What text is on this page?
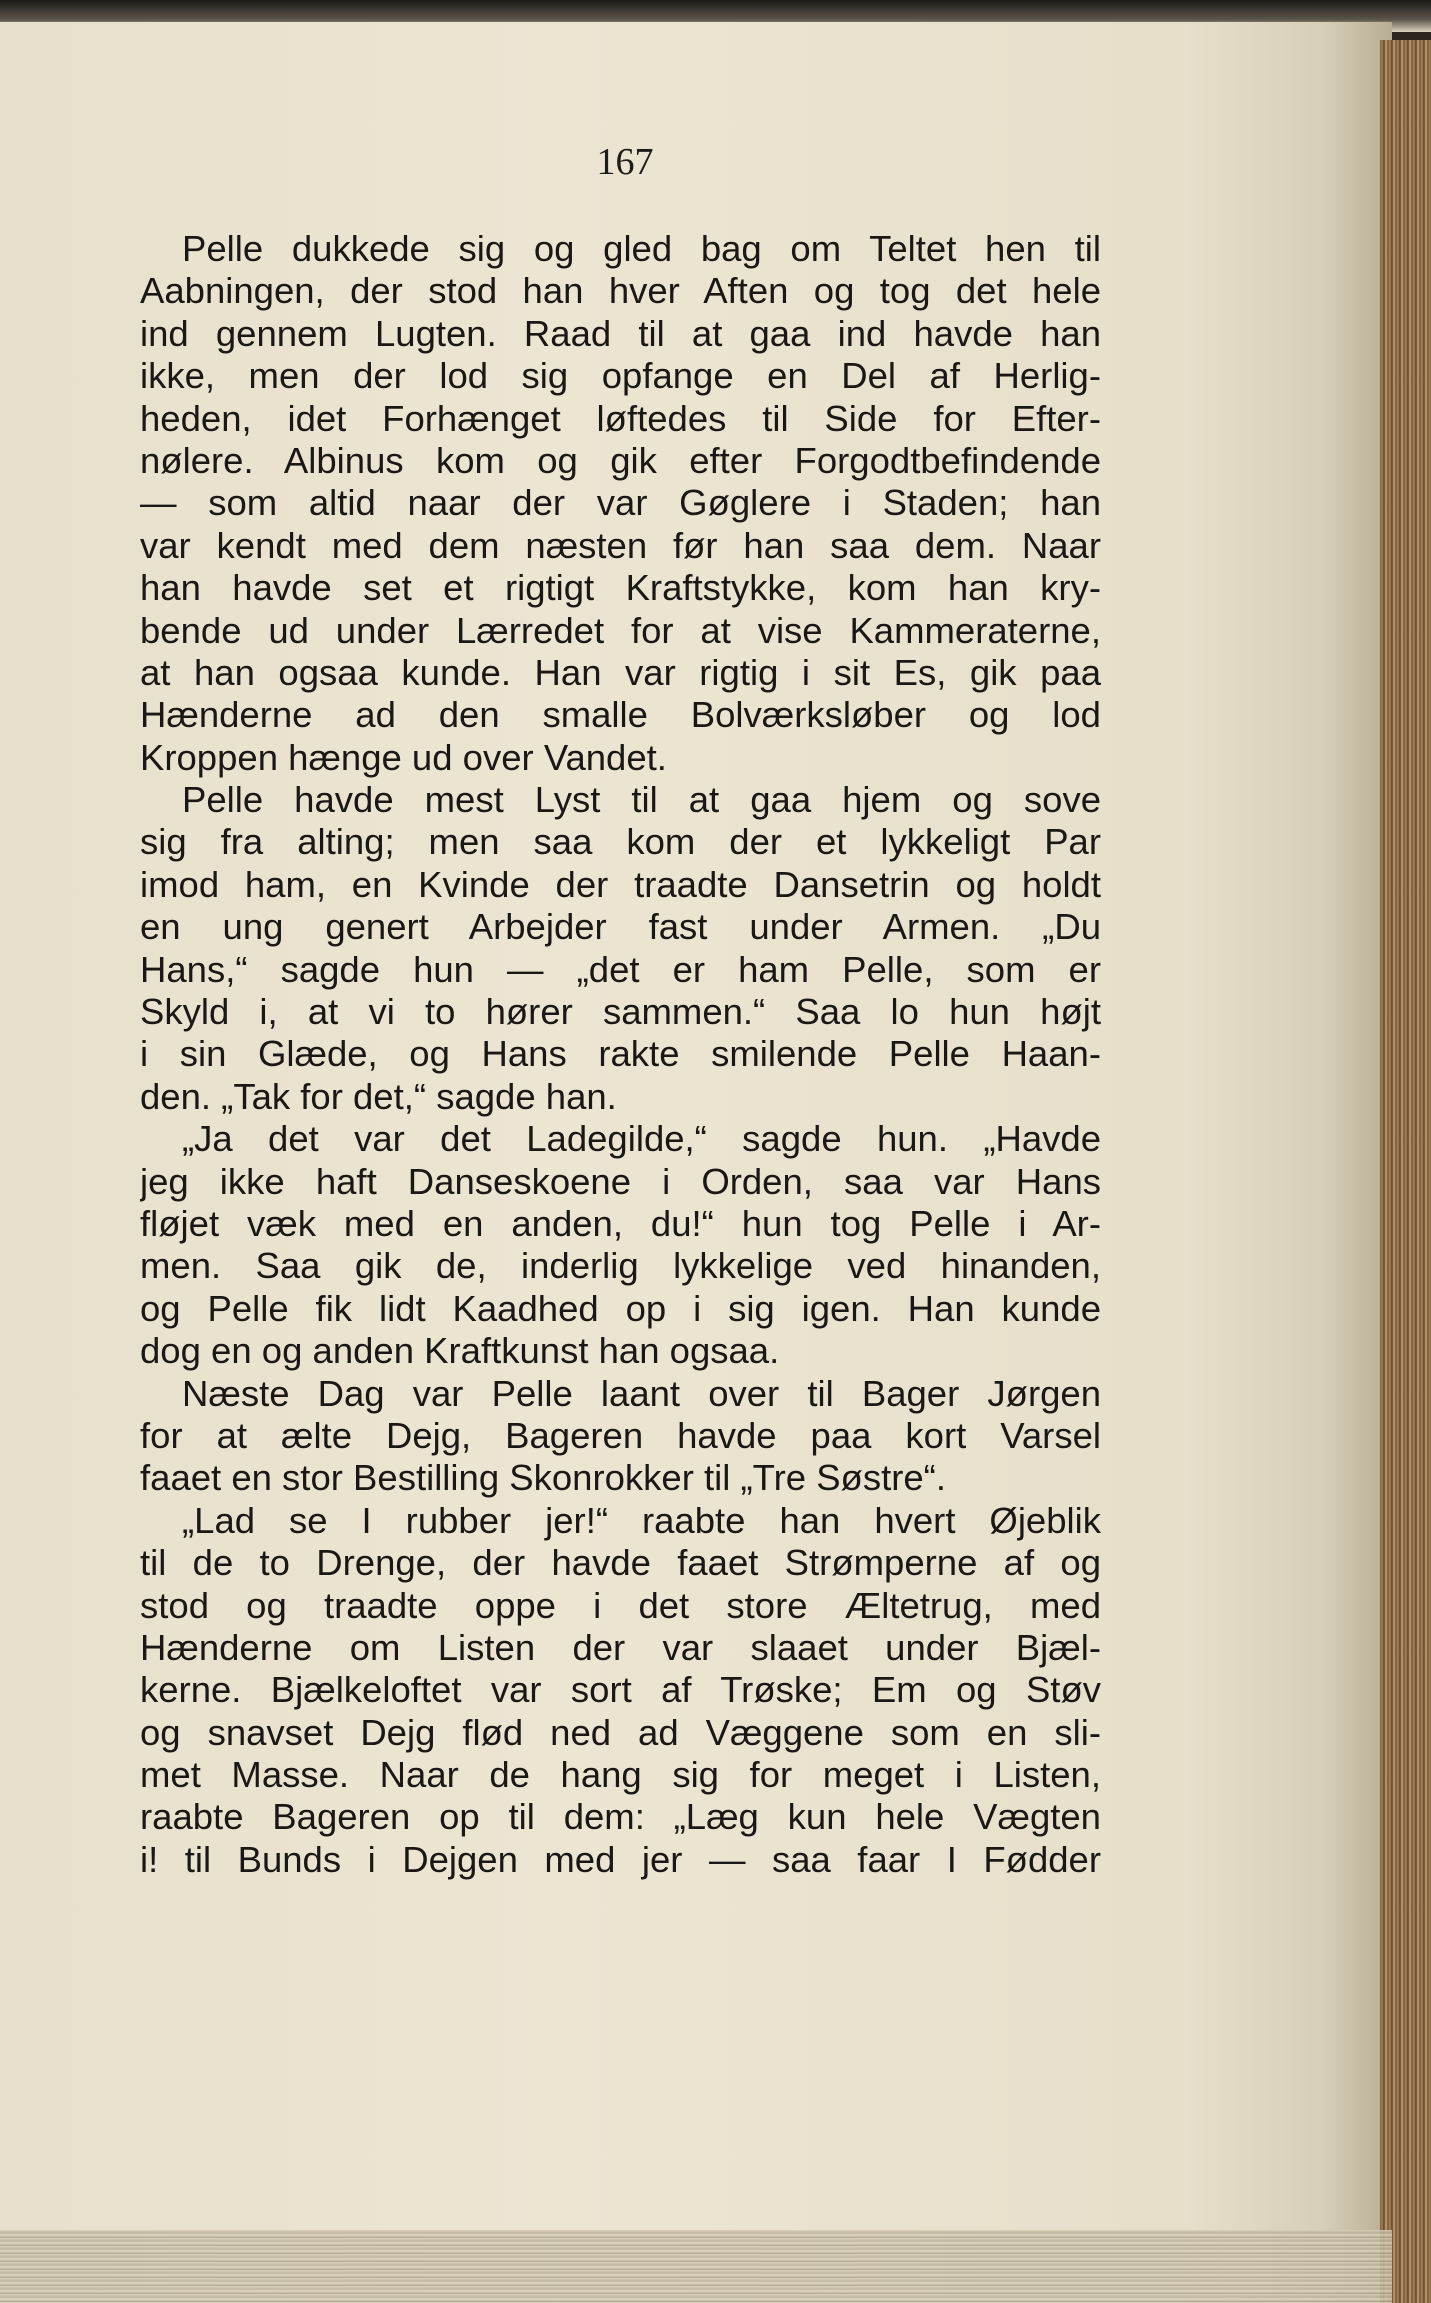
167
Pelle dukkede sig og gled bag om Teltet hen til
Aabningen, der stod han hver Aften og tog det hele
ind gennem Lugten. Raad til at gaa ind havde han
ikke, men der lod sig opfange en Del af Herlig-
heden, idet Forhænget løftedes til Side for Efter-
nølere. Albinus kom og gik efter Forgodtbefindende
— som altid naar der var Gøglere i Staden; han
var kendt med dem næsten før han saa dem. Naar
han havde set et rigtigt Kraftstykke, kom han kry-
bende ud under Lærredet for at vise Kammeraterne,
at han ogsaa kunde. Han var rigtig i sit Es, gik paa
Hænderne ad den smalle Bolværksløber og lod
Kroppen hænge ud over Vandet.
Pelle havde mest Lyst til at gaa hjem og sove
sig fra alting; men saa kom der et lykkeligt Par
imod ham, en Kvinde der traadte Dansetrin og holdt
en ung genert Arbejder fast under Armen. „Du
Hans,“ sagde hun — „det er ham Pelle, som er
Skyld i, at vi to hører sammen.“ Saa lo hun højt
i sin Glæde, og Hans rakte smilende Pelle Haan-
den. „Tak for det,“ sagde han.
„Ja det var det Ladegilde,“ sagde hun. „Havde
jeg ikke haft Danseskoene i Orden, saa var Hans
fløjet væk med en anden, du!“ hun tog Pelle i Ar-
men. Saa gik de, inderlig lykkelige ved hinanden,
og Pelle fik lidt Kaadhed op i sig igen. Han kunde
dog en og anden Kraftkunst han ogsaa.
Næste Dag var Pelle laant over til Bager Jørgen
for at ælte Dejg, Bageren havde paa kort Varsel
faaet en stor Bestilling Skonrokker til „Tre Søstre“.
„Lad se I rubber jer!“ raabte han hvert Øjeblik
til de to Drenge, der havde faaet Strømperne af og
stod og traadte oppe i det store Æltetrug, med
Hænderne om Listen der var slaaet under Bjæl-
kerne. Bjælkeloftet var sort af Trøske; Em og Støv
og snavset Dejg flød ned ad Væggene som en sli-
met Masse. Naar de hang sig for meget i Listen,
raabte Bageren op til dem: „Læg kun hele Vægten
i! til Bunds i Dejgen med jer — saa faar I Fødder
